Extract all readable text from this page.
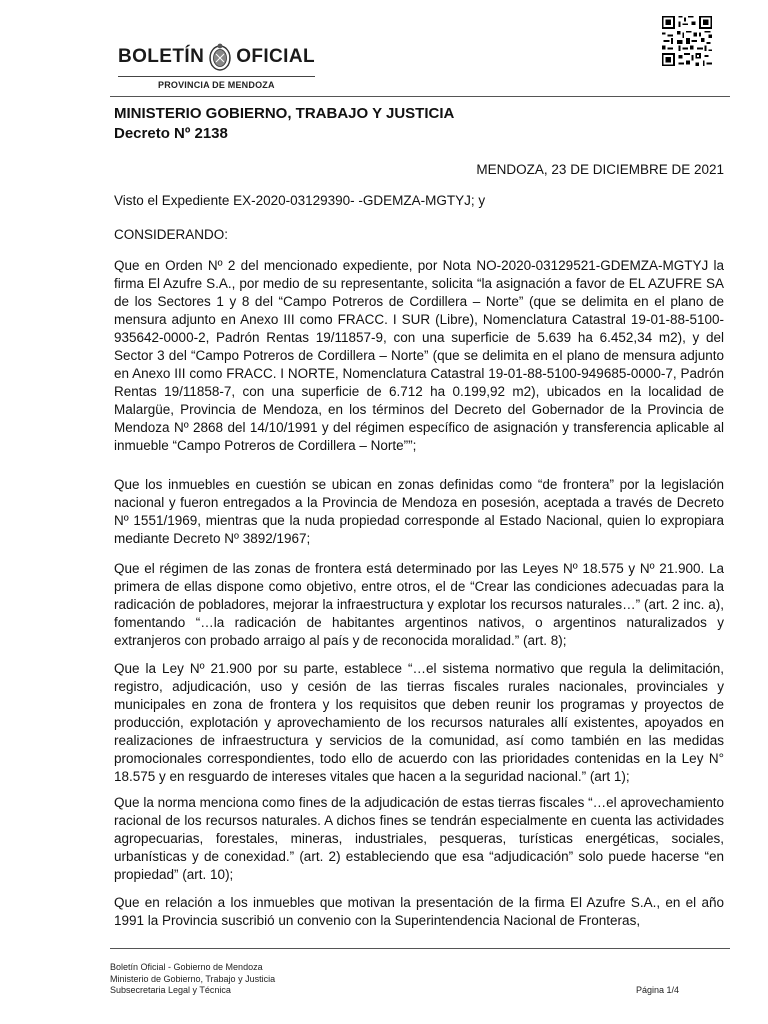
BOLETÍN OFICIAL
PROVINCIA DE MENDOZA
MINISTERIO GOBIERNO, TRABAJO Y JUSTICIA
Decreto Nº 2138
MENDOZA, 23 DE DICIEMBRE DE 2021
Visto el Expediente EX-2020-03129390- -GDEMZA-MGTYJ; y
CONSIDERANDO:
Que en Orden Nº 2 del mencionado expediente, por Nota NO-2020-03129521-GDEMZA-MGTYJ la firma El Azufre S.A., por medio de su representante, solicita “la asignación a favor de EL AZUFRE SA de los Sectores 1 y 8 del “Campo Potreros de Cordillera – Norte” (que se delimita en el plano de mensura adjunto en Anexo III como FRACC. I SUR (Libre), Nomenclatura Catastral 19-01-88-5100-935642-0000-2, Padrón Rentas 19/11857-9, con una superficie de 5.639 ha 6.452,34 m2), y del Sector 3 del “Campo Potreros de Cordillera – Norte” (que se delimita en el plano de mensura adjunto en Anexo III como FRACC. I NORTE, Nomenclatura Catastral 19-01-88-5100-949685-0000-7, Padrón Rentas 19/11858-7, con una superficie de 6.712 ha 0.199,92 m2), ubicados en la localidad de Malargüe, Provincia de Mendoza, en los términos del Decreto del Gobernador de la Provincia de Mendoza Nº 2868 del 14/10/1991 y del régimen específico de asignación y transferencia aplicable al inmueble “Campo Potreros de Cordillera – Norte””;
Que los inmuebles en cuestión se ubican en zonas definidas como “de frontera” por la legislación nacional y fueron entregados a la Provincia de Mendoza en posesión, aceptada a través de Decreto Nº 1551/1969, mientras que la nuda propiedad corresponde al Estado Nacional, quien lo expropiara mediante Decreto Nº 3892/1967;
Que el régimen de las zonas de frontera está determinado por las Leyes Nº 18.575 y Nº 21.900. La primera de ellas dispone como objetivo, entre otros, el de “Crear las condiciones adecuadas para la radicación de pobladores, mejorar la infraestructura y explotar los recursos naturales…” (art. 2 inc. a), fomentando “…la radicación de habitantes argentinos nativos, o argentinos naturalizados y extranjeros con probado arraigo al país y de reconocida moralidad.” (art. 8);
Que la Ley Nº 21.900 por su parte, establece “…el sistema normativo que regula la delimitación, registro, adjudicación, uso y cesión de las tierras fiscales rurales nacionales, provinciales y municipales en zona de frontera y los requisitos que deben reunir los programas y proyectos de producción, explotación y aprovechamiento de los recursos naturales allí existentes, apoyados en realizaciones de infraestructura y servicios de la comunidad, así como también en las medidas promocionales correspondientes, todo ello de acuerdo con las prioridades contenidas en la Ley N° 18.575 y en resguardo de intereses vitales que hacen a la seguridad nacional.” (art 1);
Que la norma menciona como fines de la adjudicación de estas tierras fiscales “…el aprovechamiento racional de los recursos naturales. A dichos fines se tendrán especialmente en cuenta las actividades agropecuarias, forestales, mineras, industriales, pesqueras, turísticas energéticas, sociales, urbanísticas y de conexidad.” (art. 2) estableciendo que esa “adjudicación” solo puede hacerse “en propiedad” (art. 10);
Que en relación a los inmuebles que motivan la presentación de la firma El Azufre S.A., en el año 1991 la Provincia suscribió un convenio con la Superintendencia Nacional de Fronteras,
Boletín Oficial - Gobierno de Mendoza
Ministerio de Gobierno, Trabajo y Justicia
Subsecretaria Legal y Técnica	Página 1/4
